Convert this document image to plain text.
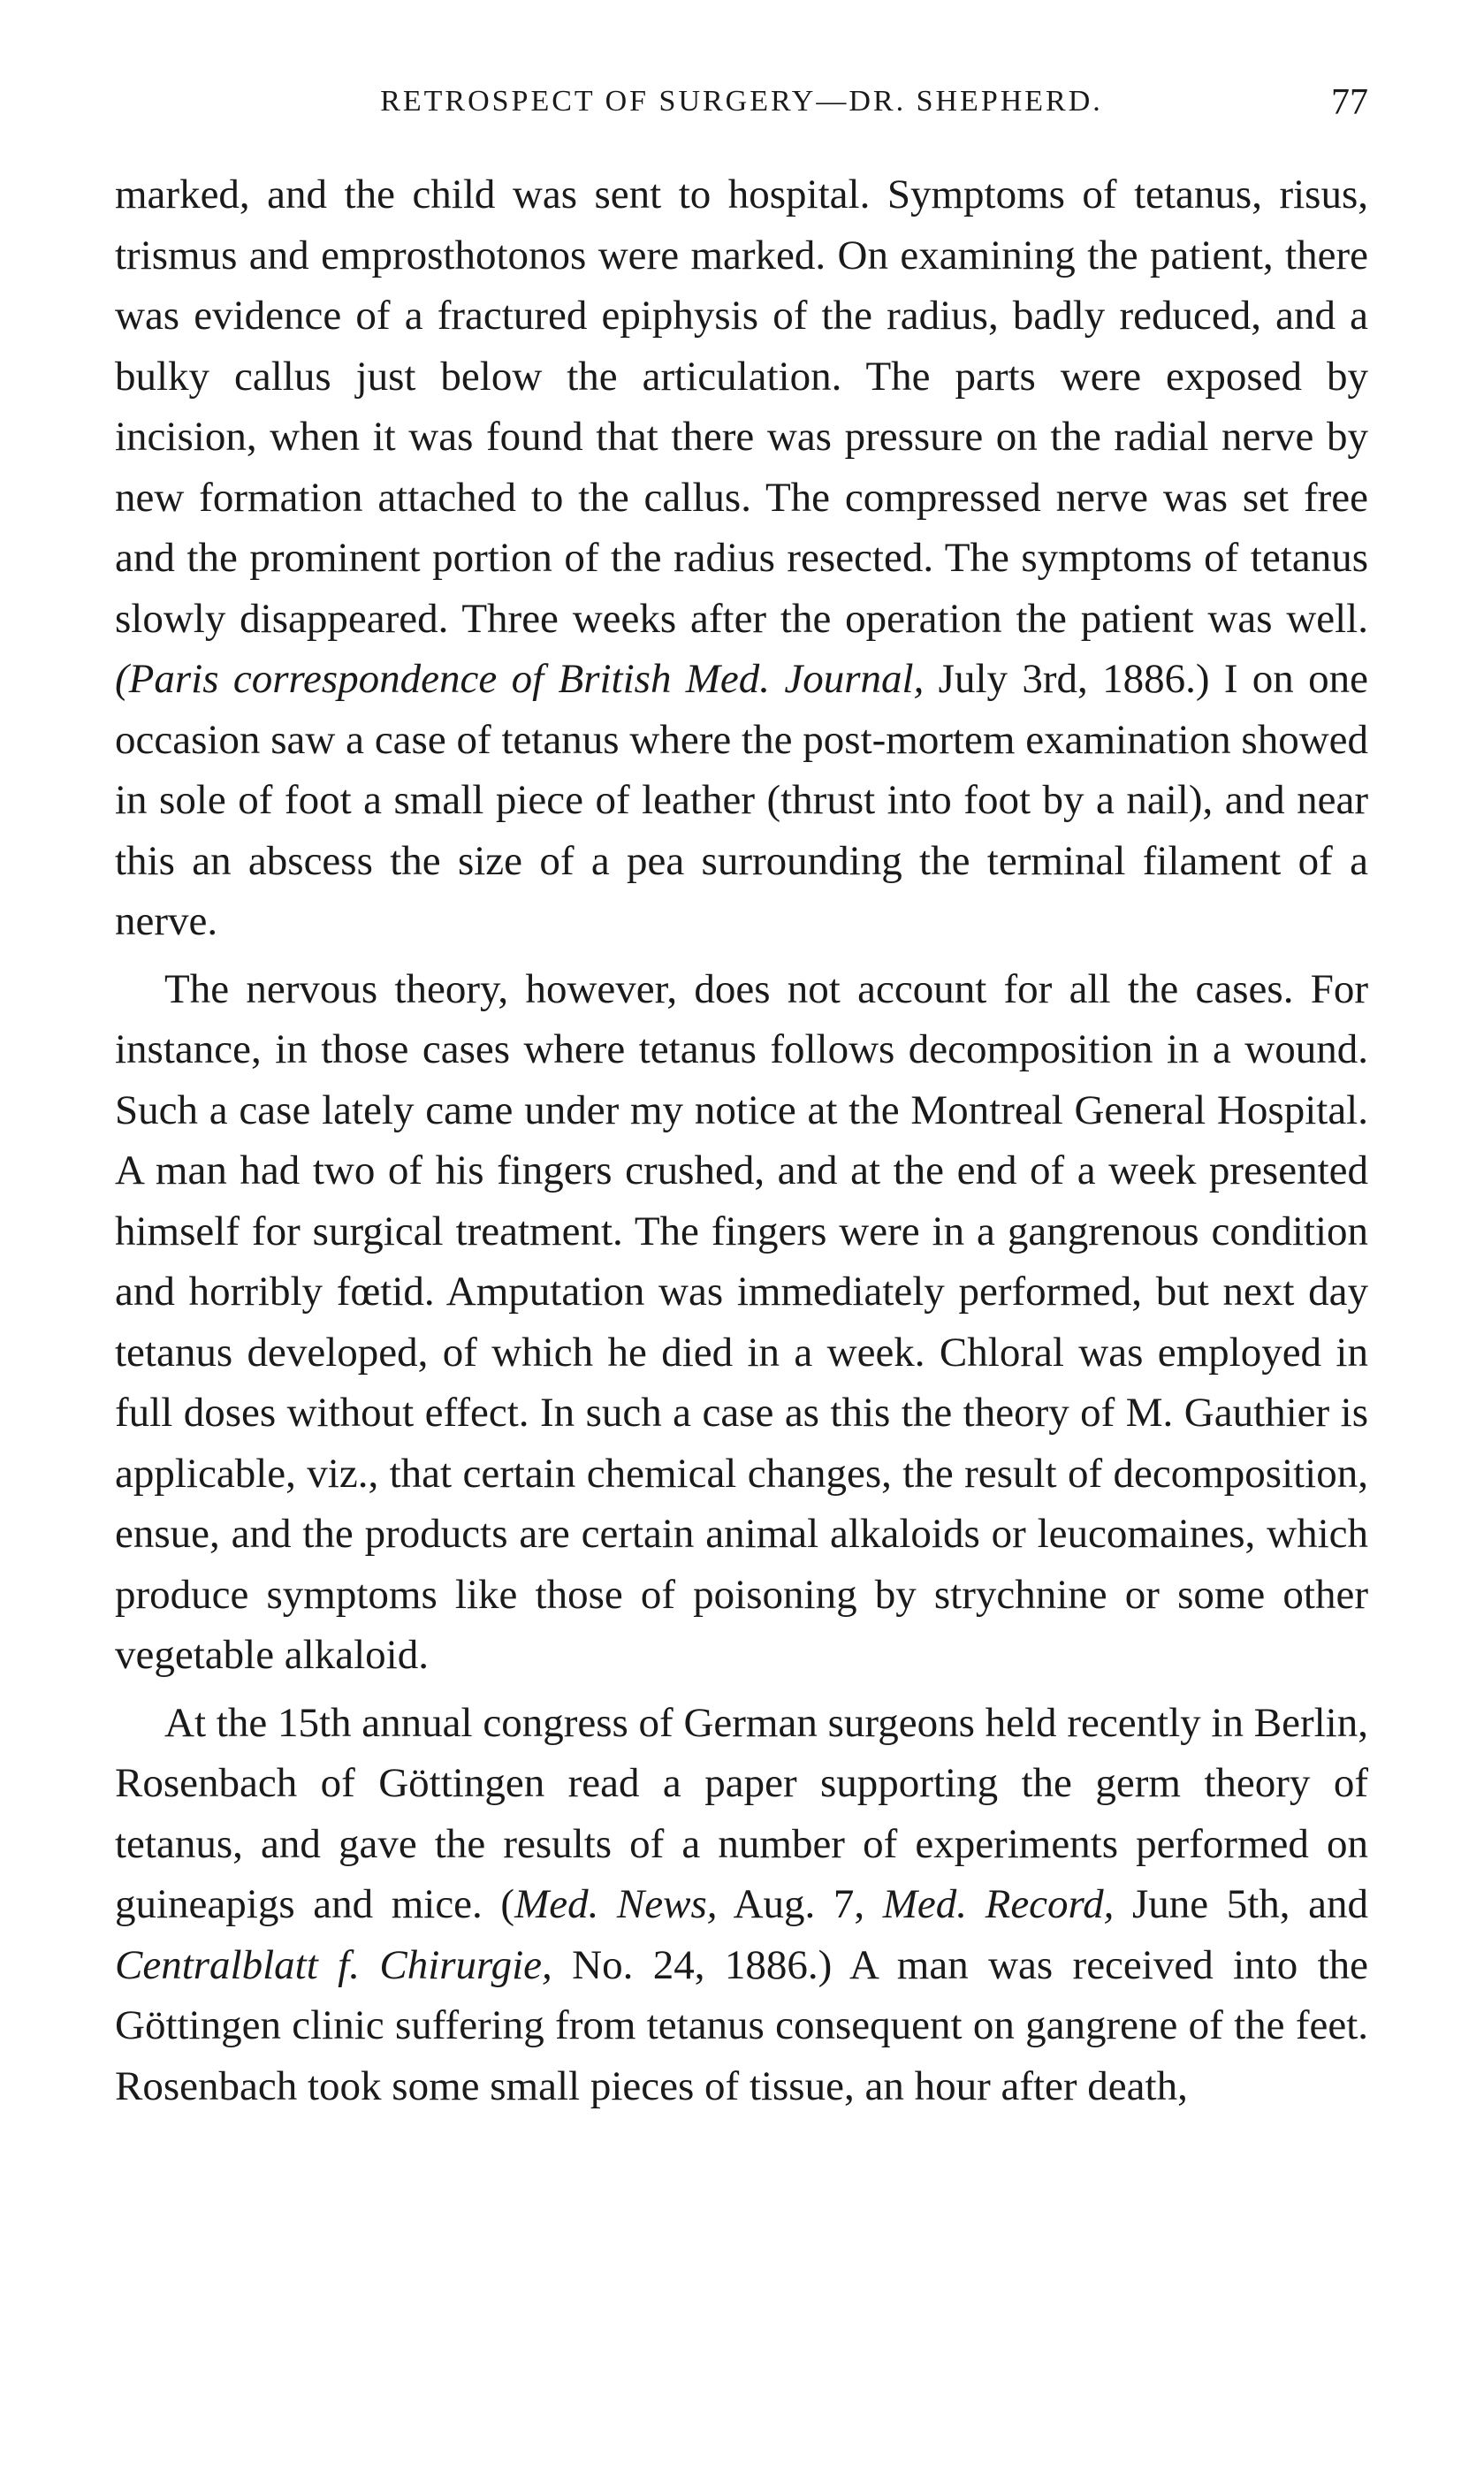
RETROSPECT OF SURGERY—DR. SHEPHERD.	77

marked, and the child was sent to hospital. Symptoms of tetanus, risus, trismus and emprosthotonos were marked. On examining the patient, there was evidence of a fractured epiphysis of the radius, badly reduced, and a bulky callus just below the articulation. The parts were exposed by incision, when it was found that there was pressure on the radial nerve by new formation attached to the callus. The compressed nerve was set free and the prominent portion of the radius resected. The symptoms of tetanus slowly disappeared. Three weeks after the operation the patient was well. (Paris correspondence of British Med. Journal, July 3rd, 1886.) I on one occasion saw a case of tetanus where the post-mortem examination showed in sole of foot a small piece of leather (thrust into foot by a nail), and near this an abscess the size of a pea surrounding the terminal filament of a nerve.

The nervous theory, however, does not account for all the cases. For instance, in those cases where tetanus follows decomposition in a wound. Such a case lately came under my notice at the Montreal General Hospital. A man had two of his fingers crushed, and at the end of a week presented himself for surgical treatment. The fingers were in a gangrenous condition and horribly fœtid. Amputation was immediately performed, but next day tetanus developed, of which he died in a week. Chloral was employed in full doses without effect. In such a case as this the theory of M. Gauthier is applicable, viz., that certain chemical changes, the result of decomposition, ensue, and the products are certain animal alkaloids or leucomaines, which produce symptoms like those of poisoning by strychnine or some other vegetable alkaloid.

At the 15th annual congress of German surgeons held recently in Berlin, Rosenbach of Göttingen read a paper supporting the germ theory of tetanus, and gave the results of a number of experiments performed on guineapigs and mice. (Med. News, Aug. 7, Med. Record, June 5th, and Centralblatt f. Chirurgie, No. 24, 1886.) A man was received into the Göttingen clinic suffering from tetanus consequent on gangrene of the feet. Rosenbach took some small pieces of tissue, an hour after death,
